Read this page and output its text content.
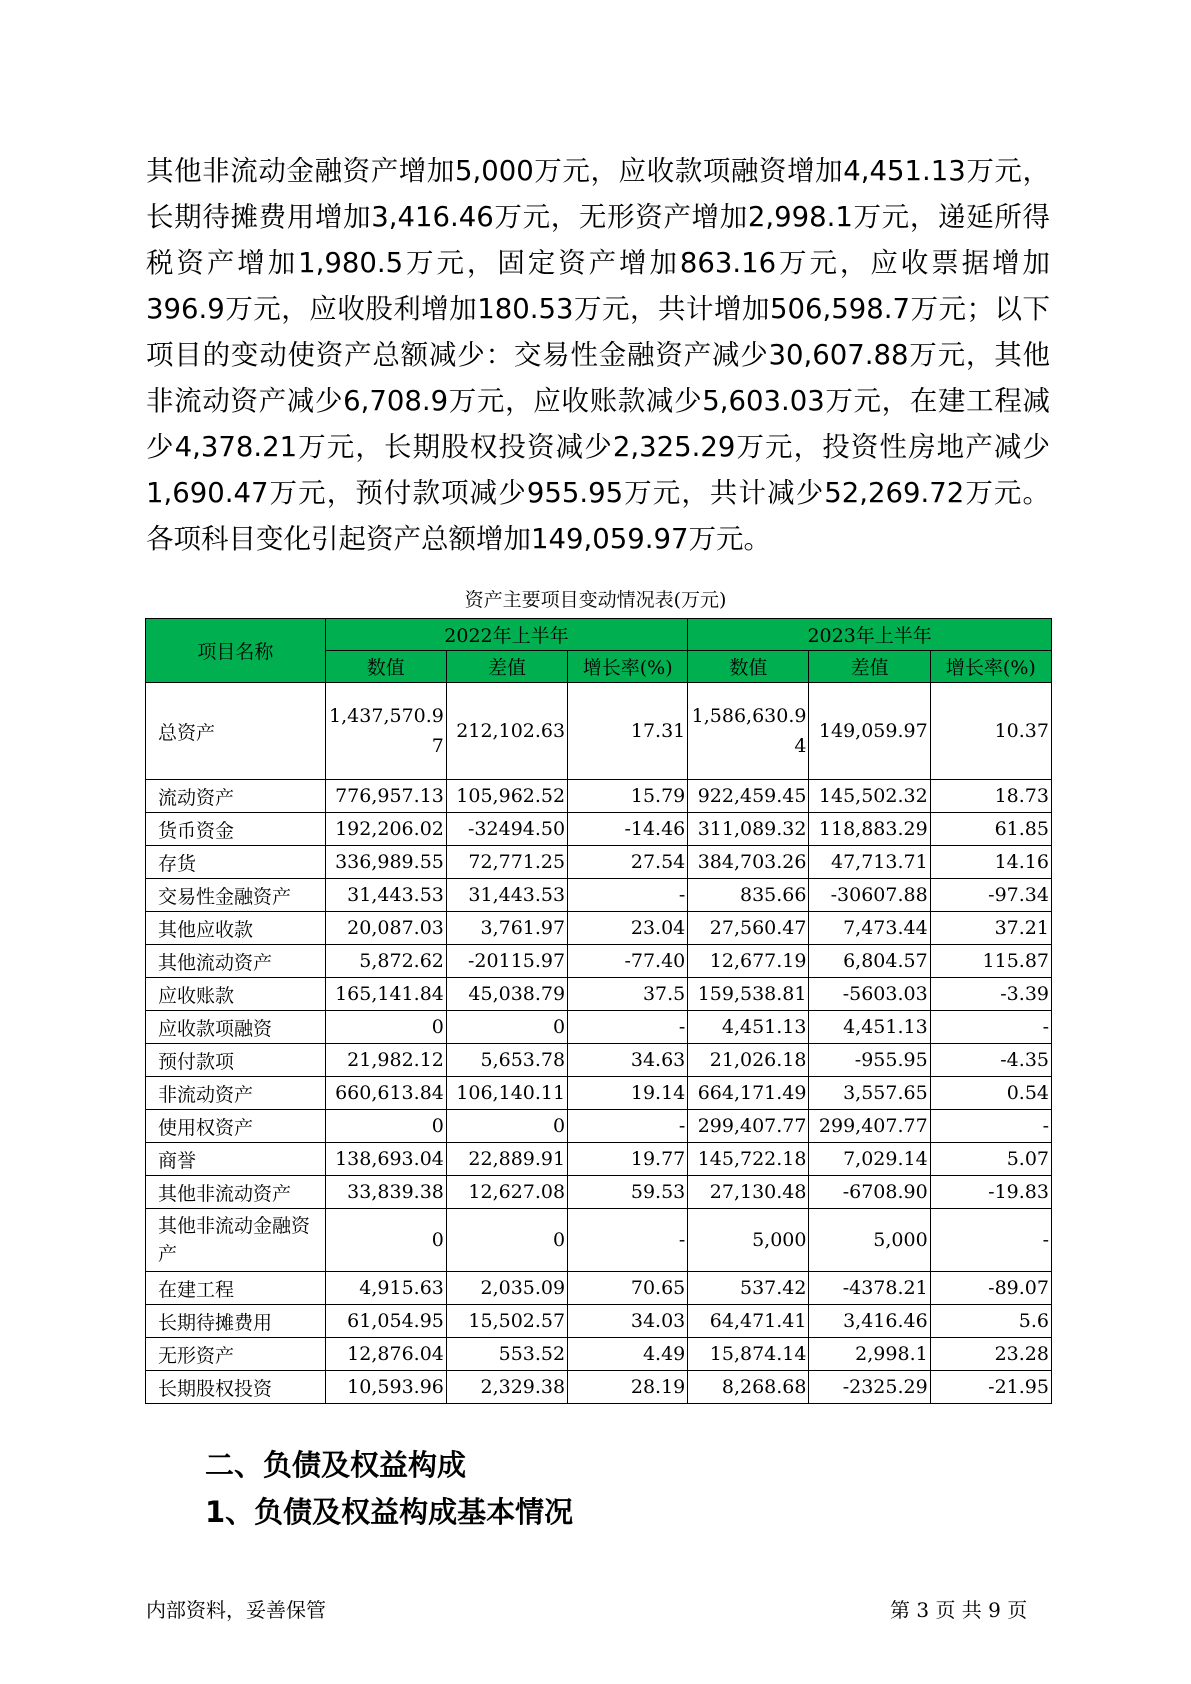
其他非流动金融资产增加5,000万元，应收款项融资增加4,451.13万元，长期待摊费用增加3,416.46万元，无形资产增加2,998.1万元，递延所得税资产增加1,980.5万元，固定资产增加863.16万元，应收票据增加396.9万元，应收股利增加180.53万元，共计增加506,598.7万元；以下项目的变动使资产总额减少：交易性金融资产减少30,607.88万元，其他非流动资产减少6,708.9万元，应收账款减少5,603.03万元，在建工程减少4,378.21万元，长期股权投资减少2,325.29万元，投资性房地产减少1,690.47万元，预付款项减少955.95万元，共计减少52,269.72万元。各项科目变化引起资产总额增加149,059.97万元。

资产主要项目变动情况表(万元)
项目名称	2022年上半年			2023年上半年		
	数值	差值	增长率(%)	数值	差值	增长率(%)
总资产	1,437,570.97	212,102.63	17.31	1,586,630.94	149,059.97	10.37
流动资产	776,957.13	105,962.52	15.79	922,459.45	145,502.32	18.73
货币资金	192,206.02	-32494.50	-14.46	311,089.32	118,883.29	61.85
存货	336,989.55	72,771.25	27.54	384,703.26	47,713.71	14.16
交易性金融资产	31,443.53	31,443.53	-	835.66	-30607.88	-97.34
其他应收款	20,087.03	3,761.97	23.04	27,560.47	7,473.44	37.21
其他流动资产	5,872.62	-20115.97	-77.40	12,677.19	6,804.57	115.87
应收账款	165,141.84	45,038.79	37.5	159,538.81	-5603.03	-3.39
应收款项融资	0	0	-	4,451.13	4,451.13	-
预付款项	21,982.12	5,653.78	34.63	21,026.18	-955.95	-4.35
非流动资产	660,613.84	106,140.11	19.14	664,171.49	3,557.65	0.54
使用权资产	0	0	-	299,407.77	299,407.77	-
商誉	138,693.04	22,889.91	19.77	145,722.18	7,029.14	5.07
其他非流动资产	33,839.38	12,627.08	59.53	27,130.48	-6708.90	-19.83
其他非流动金融资产	0	0	-	5,000	5,000	-
在建工程	4,915.63	2,035.09	70.65	537.42	-4378.21	-89.07
长期待摊费用	61,054.95	15,502.57	34.03	64,471.41	3,416.46	5.6
无形资产	12,876.04	553.52	4.49	15,874.14	2,998.1	23.28
长期股权投资	10,593.96	2,329.38	28.19	8,268.68	-2325.29	-21.95
二、负债及权益构成
1、负债及权益构成基本情况
内部资料，妥善保管	第 3 页 共 9 页
